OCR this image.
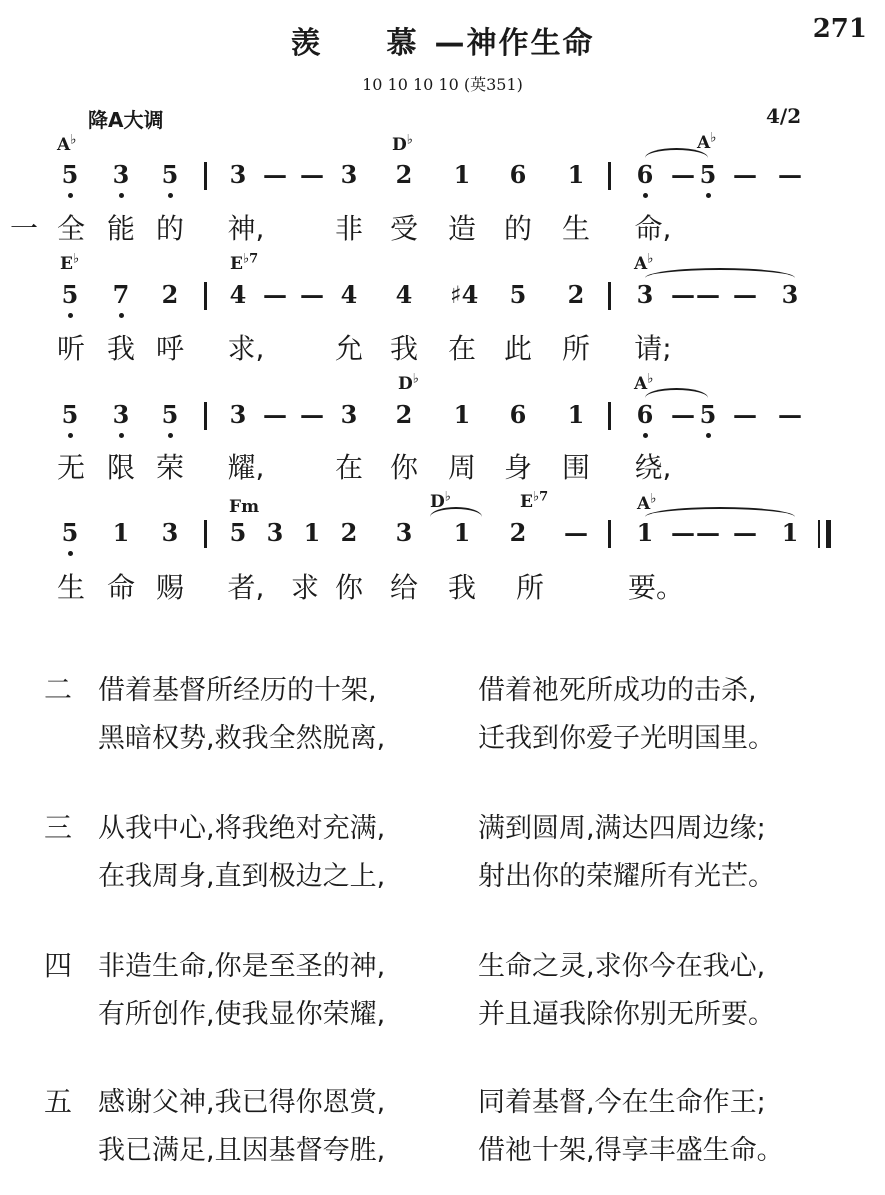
羡　慕—神作生命	271
10 10 10 10 (英351)
降A大调	4/2
5 3 5 3 — — 3 2 1 6 1 6 — 5 — —
A♭	D♭	A♭
一 全 能 的 神,	非 受 造 的 生 命,
5 7 2 4 — — 4 4 ♯4 5 2 3 — — — 3
E♭	$E^{♭7}$	A♭
听 我 呼 求,	允 我 在 此 所 请;
5 3 5 3 — — 3 2 1 6 1 6 — 5 — —
D♭	A♭
无 限 荣 耀,	在 你 周 身 围 绕,
5 1 3 5 3 1 2 3 1 2 — 1 — — — 1
Fm	D♭	$E^{♭7}$	A♭
生 命 赐 者, 求 你 给 我 所	要。
二 借着基督所经历的十架,	借着祂死所成功的击杀,
黑暗权势,救我全然脱离,	迁我到你爱子光明国里。
三 从我中心,将我绝对充满,	满到圆周,满达四周边缘;
在我周身,直到极边之上,	射出你的荣耀所有光芒。
四 非造生命,你是至圣的神,	生命之灵,求你今在我心,
有所创作,使我显你荣耀,	并且逼我除你别无所要。
五 感谢父神,我已得你恩赏,	同着基督,今在生命作王;
我已满足,且因基督夸胜,	借祂十架,得享丰盛生命。
